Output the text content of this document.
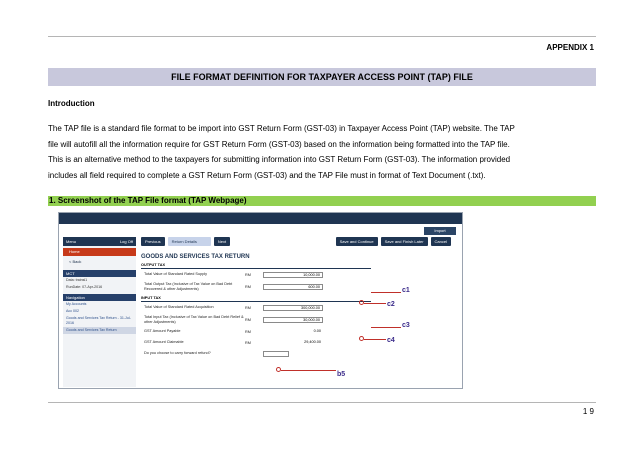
APPENDIX 1
FILE FORMAT DEFINITION FOR TAXPAYER ACCESS POINT (TAP) FILE
Introduction

The TAP file is a standard file format to be import into GST Return Form (GST-03) in Taxpayer Access Point (TAP) website. The TAP

file will autofill all the information require for GST Return Form (GST-03) based on the information being formatted into the TAP file.

This is an alternative method to the taxpayers for submitting information into GST Return Form (GST-03). The information provided

includes all field required to complete a GST Return Form (GST-03) and the TAP File must in format of Text Document (.txt).

1. Screenshot of the TAP File format (TAP Webpage)
Import
Menu	Log Off
Home
< Back
MCT
Data: trainsl1
RunDate: 07-Apr-2016
Navigation
My Accounts
Acc 002
Goods and Services Tax Return - 31-Jul-2016
Goods and Services Tax Return
Previous	Return Details	Next	Save and Continue	Save and Finish Later	Cancel
GOODS AND SERVICES TAX RETURN
OUTPUT TAX
Total Value of Standard Rated Supply	RM	10,000.00
Total Output Tax (Inclusive of Tax Value on Bad Debt Recovered & other Adjustments)	RM	600.00
INPUT TAX
Total Value of Standard Rated Acquisition	RM	300,000.00
Total Input Tax (Inclusive of Tax Value on Bad Debt Relief & other Adjustments)	RM	30,000.00
GST Amount Payable	RM	0.00
GST Amount Claimable	RM	29,400.00
Do you choose to carry forward refund?
c1
c2
c3
c4
b5
1 9
